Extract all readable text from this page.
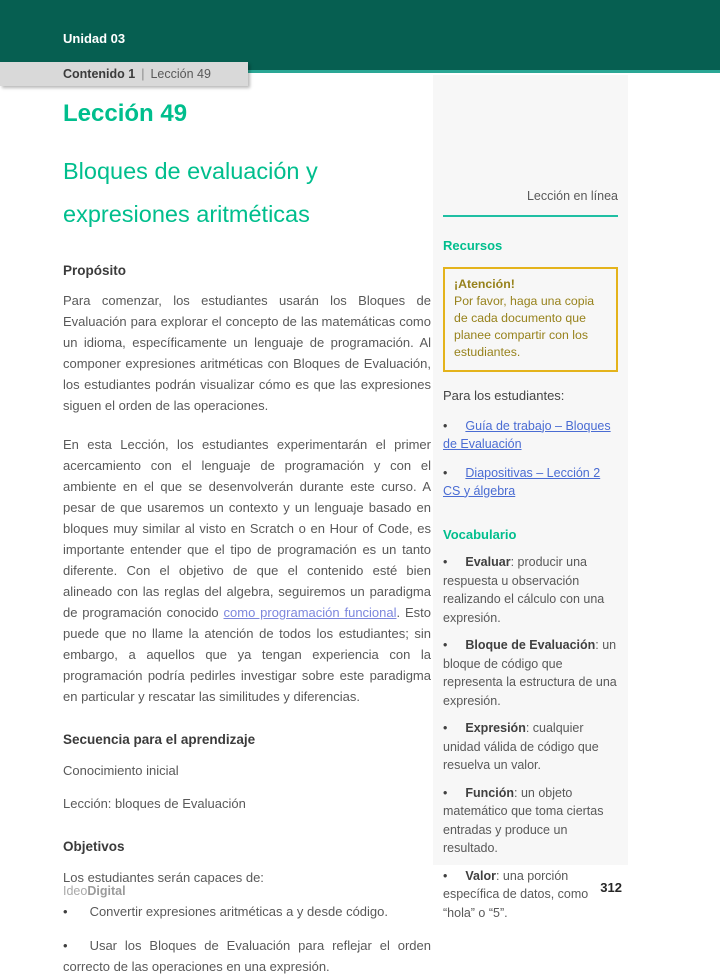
Unidad 03
Contenido 1 | Lección 49
Lección 49
Bloques de evaluación y expresiones aritméticas
Propósito

Para comenzar, los estudiantes usarán los Bloques de Evaluación para explorar el concepto de las matemáticas como un idioma, específicamente un lenguaje de programación. Al componer expresiones aritméticas con Bloques de Evaluación, los estudiantes podrán visualizar cómo es que las expresiones siguen el orden de las operaciones.

En esta Lección, los estudiantes experimentarán el primer acercamiento con el lenguaje de programación y con el ambiente en el que se desenvolverán durante este curso. A pesar de que usaremos un contexto y un lenguaje basado en bloques muy similar al visto en Scratch o en Hour of Code, es importante entender que el tipo de programación es un tanto diferente. Con el objetivo de que el contenido esté bien alineado con las reglas del algebra, seguiremos un paradigma de programación conocido como programación funcional. Esto puede que no llame la atención de todos los estudiantes; sin embargo, a aquellos que ya tengan experiencia con la programación podría pedirles investigar sobre este paradigma en particular y rescatar las similitudes y diferencias.

Secuencia para el aprendizaje
Conocimiento inicial
Lección: bloques de Evaluación
Objetivos
Los estudiantes serán capaces de:
• Convertir expresiones aritméticas a y desde código.
• Usar los Bloques de Evaluación para reflejar el orden correcto de las operaciones en una expresión.
Lección en línea
Recursos
¡Atención!
Por favor, haga una copia de cada documento que planee compartir con los estudiantes.
Para los estudiantes:
• Guía de trabajo – Bloques de Evaluación
• Diapositivas – Lección 2 CS y álgebra
Vocabulario
• Evaluar: producir una respuesta u observación realizando el cálculo con una expresión.
• Bloque de Evaluación: un bloque de código que representa la estructura de una expresión.
• Expresión: cualquier unidad válida de código que resuelva un valor.
• Función: un objeto matemático que toma ciertas entradas y produce un resultado.
• Valor: una porción específica de datos, como “hola” o “5”.
IdeoDigital	312
